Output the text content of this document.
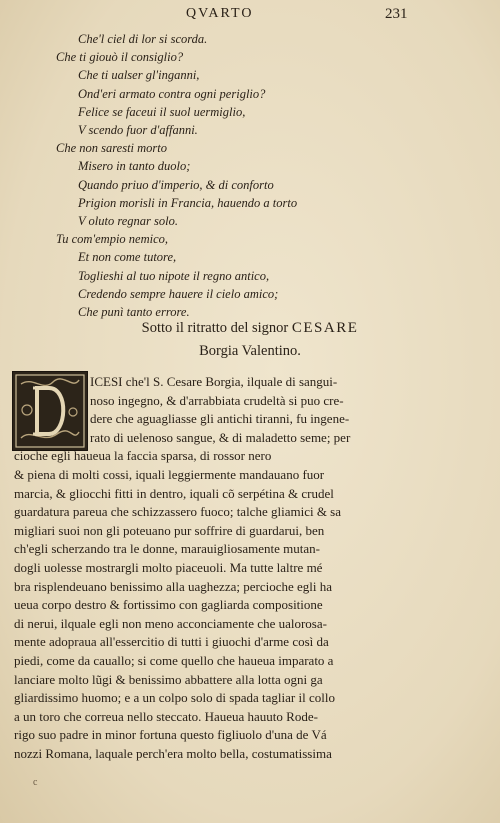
QVARTO	231
Che'l ciel di lor si scorda.
Che ti giouò il consiglio?
Che ti ualser gl'inganni,
Ond'eri armato contra ogni periglio?
Felice se faceui il suol uermiglio,
V scendo fuor d'affanni.
Che non saresti morto
Misero in tanto duolo;
Quando priuo d'imperio, & di conforto
Prigion morisli in Francia, hauendo a torto
V oluto regnar solo.
Tu com'empio nemico,
Et non come tutore,
Toglieshi al tuo nipote il regno antico,
Credendo sempre hauere il cielo amico;
Che punì tanto errore.
Sotto il ritratto del signor CESARE
Borgia Valentino.
ICESI che'l S. Cesare Borgia, ilquale di sangui-
noso ingegno, & d'arrabbiata crudeltà si puo cre-
dere che aguagliasse gli antichi tiranni, fu ingene-
rato di uelenoso sangue, & di maladetto seme; per
cioche egli haueua la faccia sparsa, di rossor nero
& piena di molti cossi, iquali leggiermente mandauano fuor
marcia, & gliocchi fitti in dentro, iquali cõ serpétina & crudel
guardatura pareua che schizzassero fuoco; talche gliamici & sa
migliari suoi non gli poteuano pur soffrire di guardarui, ben
ch'egli scherzando tra le donne, marauigliosamente mutan-
dogli uolesse mostrargli molto piaceuoli. Ma tutte laltre mé
bra risplendeuano benissimo alla uaghezza; percioche egli ha
ueua corpo destro & fortissimo con gagliarda compositione
di nerui, ilquale egli non meno acconciamente che ualorosa-
mente adopraua all'essercitio di tutti i giuochi d'arme così da
piedi, come da cauallo; si come quello che haueua imparato a
lanciare molto lũgi & benissimo abbattere alla lotta ogni ga
gliardissimo huomo; e a un colpo solo di spada tagliar il collo
a un toro che correua nello steccato. Haueua hauuto Rode-
rigo suo padre in minor fortuna questo figliuolo d'una de Vá
nozzi Romana, laquale perch'era molto bella, costumatissima
c
